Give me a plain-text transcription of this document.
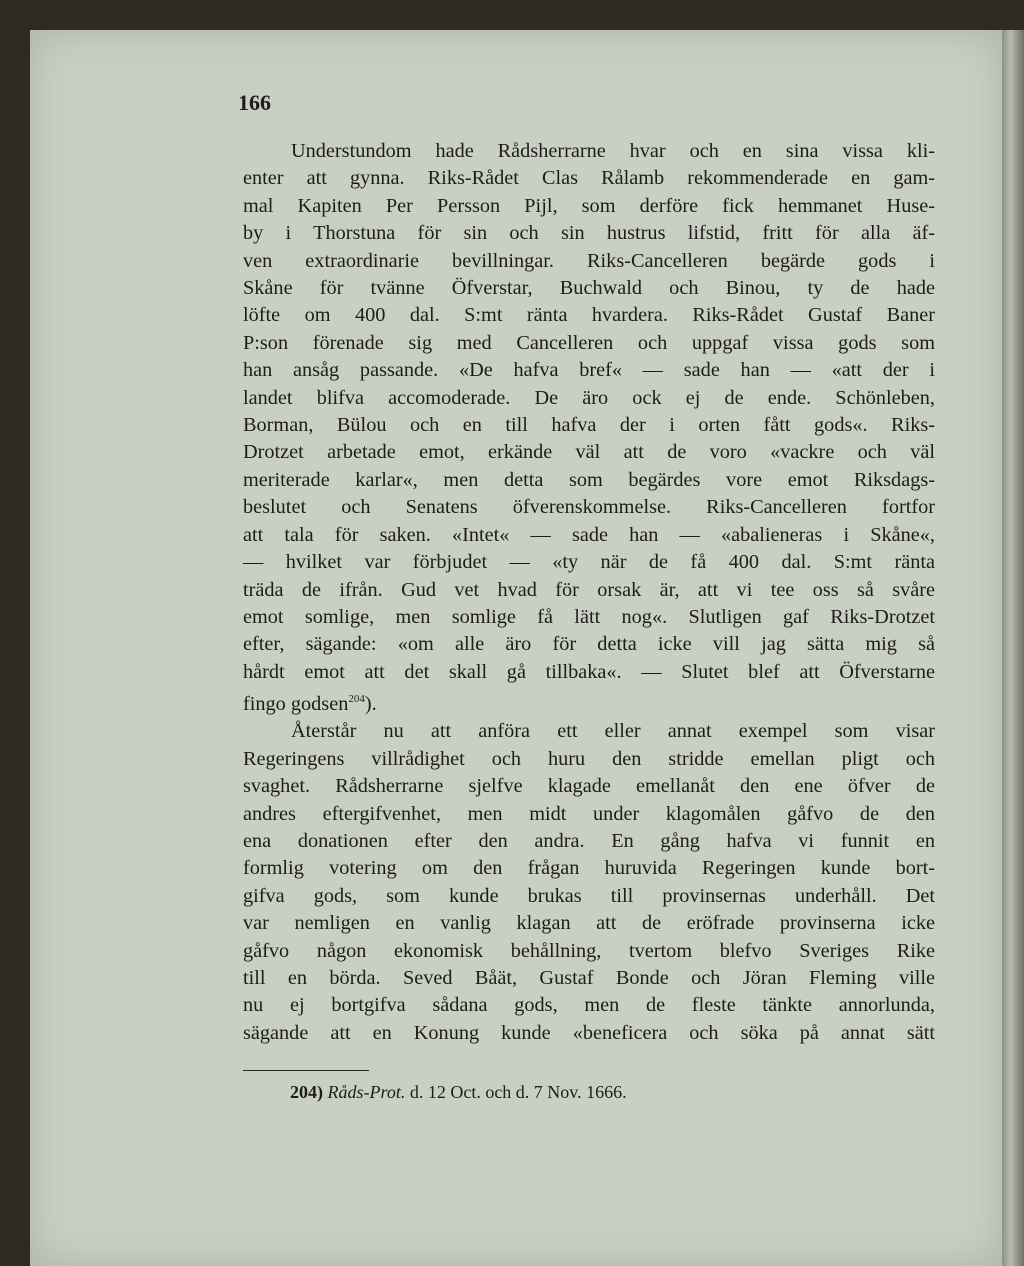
166
Understundom hade Rådsherrarne hvar och en sina vissa kli-
enter att gynna. Riks-Rådet Clas Rålamb rekommenderade en gam-
mal Kapiten Per Persson Pijl, som derföre fick hemmanet Huse-
by i Thorstuna för sin och sin hustrus lifstid, fritt för alla äf-
ven extraordinarie bevillningar. Riks-Cancelleren begärde gods i
Skåne för tvänne Öfverstar, Buchwald och Binou, ty de hade
löfte om 400 dal. S:mt ränta hvardera. Riks-Rådet Gustaf Baner
P:son förenade sig med Cancelleren och uppgaf vissa gods som
han ansåg passande. «De hafva bref« — sade han — «att der i
landet blifva accomoderade. De äro ock ej de ende. Schönleben,
Borman, Bülou och en till hafva der i orten fått gods«. Riks-
Drotzet arbetade emot, erkände väl att de voro «vackre och väl
meriterade karlar«, men detta som begärdes vore emot Riksdags-
beslutet och Senatens öfverenskommelse. Riks-Cancelleren fortfor
att tala för saken. «Intet« — sade han — «abalieneras i Skåne«,
— hvilket var förbjudet — «ty när de få 400 dal. S:mt ränta
träda de ifrån. Gud vet hvad för orsak är, att vi tee oss så svåre
emot somlige, men somlige få lätt nog«. Slutligen gaf Riks-Drotzet
efter, sägande: «om alle äro för detta icke vill jag sätta mig så
hårdt emot att det skall gå tillbaka«. — Slutet blef att Öfverstarne
fingo godsen$^{204}$).
Återstår nu att anföra ett eller annat exempel som visar
Regeringens villrådighet och huru den stridde emellan pligt och
svaghet. Rådsherrarne sjelfve klagade emellanåt den ene öfver de
andres eftergifvenhet, men midt under klagomålen gåfvo de den
ena donationen efter den andra. En gång hafva vi funnit en
formlig votering om den frågan huruvida Regeringen kunde bort-
gifva gods, som kunde brukas till provinsernas underhåll. Det
var nemligen en vanlig klagan att de eröfrade provinserna icke
gåfvo någon ekonomisk behållning, tvertom blefvo Sveriges Rike
till en börda. Seved Båät, Gustaf Bonde och Jöran Fleming ville
nu ej bortgifva sådana gods, men de fleste tänkte annorlunda,
sägande att en Konung kunde «beneficera och söka på annat sätt
204) Råds-Prot. d. 12 Oct. och d. 7 Nov. 1666.
